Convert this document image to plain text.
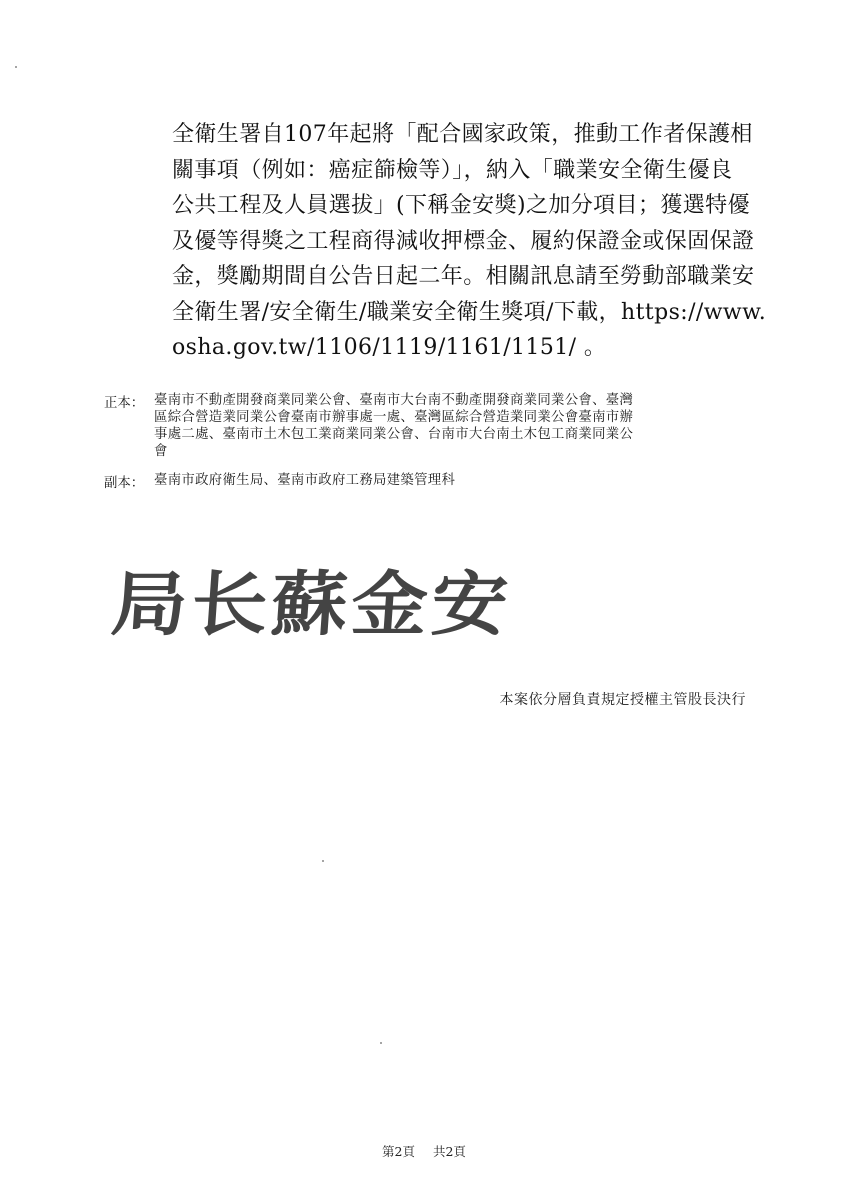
全衛生署自107年起將「配合國家政策，推動工作者保護相
關事項（例如：癌症篩檢等）」，納入「職業安全衛生優良
公共工程及人員選拔」(下稱金安獎)之加分項目；獲選特優
及優等得獎之工程商得減收押標金、履約保證金或保固保證
金，獎勵期間自公告日起二年。相關訊息請至勞動部職業安
全衛生署/安全衛生/職業安全衛生獎項/下載，https://www.
osha.gov.tw/1106/1119/1161/1151/ 。
正本： 臺南市不動產開發商業同業公會、臺南市大台南不動產開發商業同業公會、臺灣
區綜合營造業同業公會臺南市辦事處一處、臺灣區綜合營造業同業公會臺南市辦
事處二處、臺南市土木包工業商業同業公會、台南市大台南土木包工商業同業公
會
副本： 臺南市政府衛生局、臺南市政府工務局建築管理科
局长蘇金安
本案依分層負責規定授權主管股長決行
第2頁 共2頁
